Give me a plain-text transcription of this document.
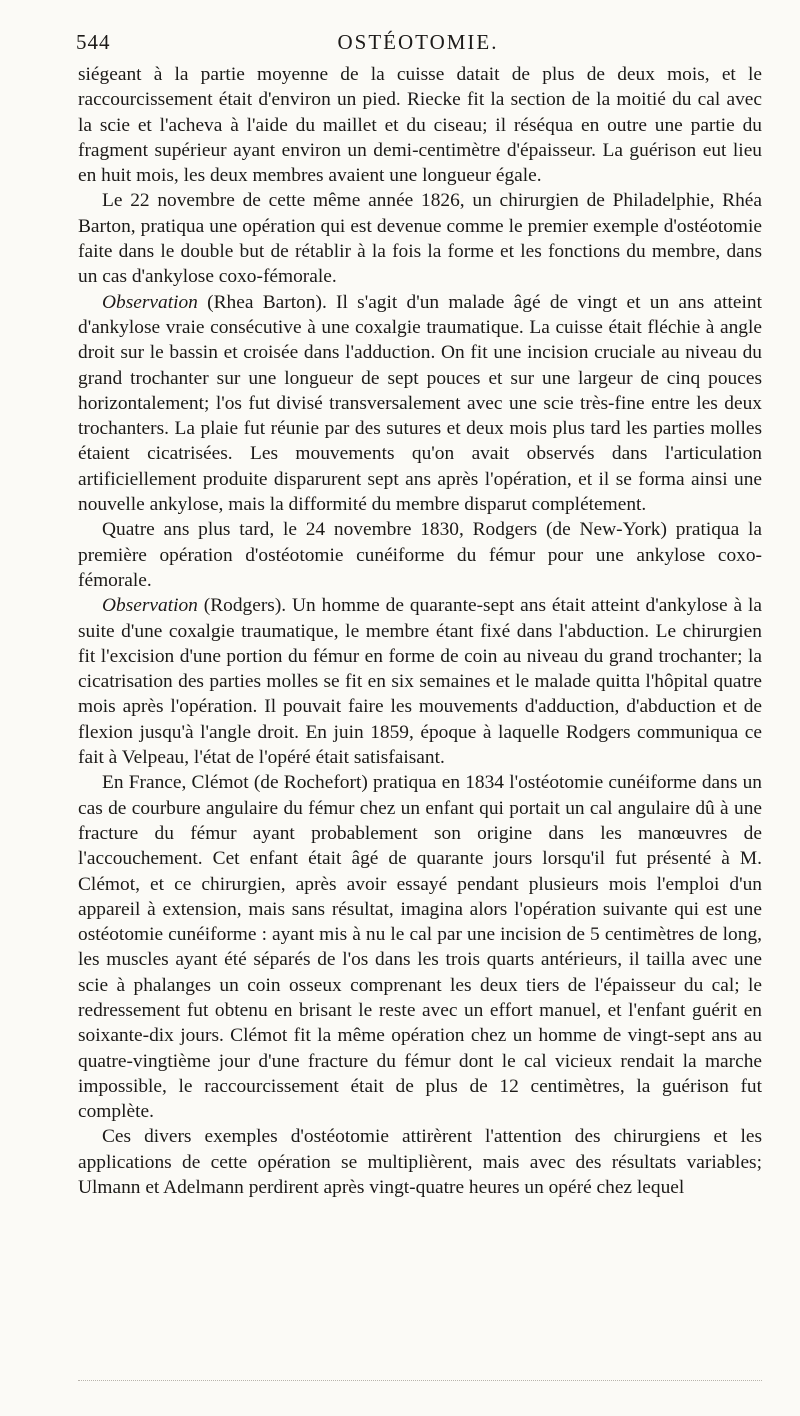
544	OSTÉOTOMIE.

siégeant à la partie moyenne de la cuisse datait de plus de deux mois, et le raccourcissement était d'environ un pied. Riecke fit la section de la moitié du cal avec la scie et l'acheva à l'aide du maillet et du ciseau; il réséqua en outre une partie du fragment supérieur ayant environ un demi-centimètre d'épaisseur. La guérison eut lieu en huit mois, les deux membres avaient une longueur égale.

Le 22 novembre de cette même année 1826, un chirurgien de Philadelphie, Rhéa Barton, pratiqua une opération qui est devenue comme le premier exemple d'ostéotomie faite dans le double but de rétablir à la fois la forme et les fonctions du membre, dans un cas d'ankylose coxo-fémorale.

Observation (Rhea Barton). Il s'agit d'un malade âgé de vingt et un ans atteint d'ankylose vraie consécutive à une coxalgie traumatique. La cuisse était fléchie à angle droit sur le bassin et croisée dans l'adduction. On fit une incision cruciale au niveau du grand trochanter sur une longueur de sept pouces et sur une largeur de cinq pouces horizontalement; l'os fut divisé transversalement avec une scie très-fine entre les deux trochanters. La plaie fut réunie par des sutures et deux mois plus tard les parties molles étaient cicatrisées. Les mouvements qu'on avait observés dans l'articulation artificiellement produite disparurent sept ans après l'opération, et il se forma ainsi une nouvelle ankylose, mais la difformité du membre disparut complétement.

Quatre ans plus tard, le 24 novembre 1830, Rodgers (de New-York) pratiqua la première opération d'ostéotomie cunéiforme du fémur pour une ankylose coxo-fémorale.

Observation (Rodgers). Un homme de quarante-sept ans était atteint d'ankylose à la suite d'une coxalgie traumatique, le membre étant fixé dans l'abduction. Le chirurgien fit l'excision d'une portion du fémur en forme de coin au niveau du grand trochanter; la cicatrisation des parties molles se fit en six semaines et le malade quitta l'hôpital quatre mois après l'opération. Il pouvait faire les mouvements d'adduction, d'abduction et de flexion jusqu'à l'angle droit. En juin 1859, époque à laquelle Rodgers communiqua ce fait à Velpeau, l'état de l'opéré était satisfaisant.

En France, Clémot (de Rochefort) pratiqua en 1834 l'ostéotomie cunéiforme dans un cas de courbure angulaire du fémur chez un enfant qui portait un cal angulaire dû à une fracture du fémur ayant probablement son origine dans les manœuvres de l'accouchement. Cet enfant était âgé de quarante jours lorsqu'il fut présenté à M. Clémot, et ce chirurgien, après avoir essayé pendant plusieurs mois l'emploi d'un appareil à extension, mais sans résultat, imagina alors l'opération suivante qui est une ostéotomie cunéiforme : ayant mis à nu le cal par une incision de 5 centimètres de long, les muscles ayant été séparés de l'os dans les trois quarts antérieurs, il tailla avec une scie à phalanges un coin osseux comprenant les deux tiers de l'épaisseur du cal; le redressement fut obtenu en brisant le reste avec un effort manuel, et l'enfant guérit en soixante-dix jours. Clémot fit la même opération chez un homme de vingt-sept ans au quatre-vingtième jour d'une fracture du fémur dont le cal vicieux rendait la marche impossible, le raccourcissement était de plus de 12 centimètres, la guérison fut complète.

Ces divers exemples d'ostéotomie attirèrent l'attention des chirurgiens et les applications de cette opération se multiplièrent, mais avec des résultats variables; Ulmann et Adelmann perdirent après vingt-quatre heures un opéré chez lequel
